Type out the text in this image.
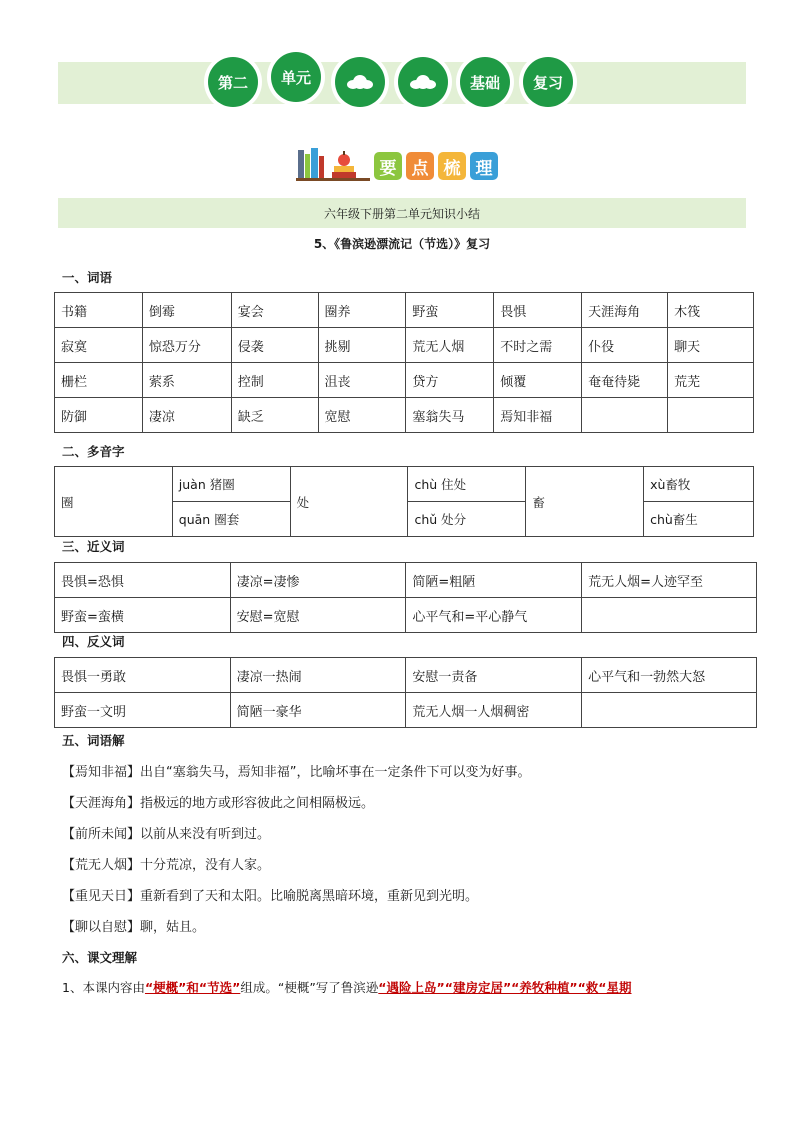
第二	单元	基础	复习
要 点 梳 理
六年级下册第二单元知识小结
5、《鲁滨逊漂流记（节选）》复习
一、词语
书籍	倒霉	宴会	圈养	野蛮	畏惧	天涯海角	木筏
寂寞	惊恐万分	侵袭	挑剔	荒无人烟	不时之需	仆役	聊天
栅栏	萦系	控制	沮丧	贷方	倾覆	奄奄待毙	荒芜
防御	凄凉	缺乏	宽慰	塞翁失马	焉知非福		
二、多音字
圈	juàn 猪圈	处	chù 住处	畜	xù畜牧
	quān 圈套		chǔ 处分		chù畜生
三、近义词
畏惧=恐惧	凄凉=凄惨	简陋=粗陋	荒无人烟=人迹罕至
野蛮=蛮横	安慰=宽慰	心平气和=平心静气	
四、反义词
畏惧一勇敢	凄凉一热闹	安慰一责备	心平气和一勃然大怒
野蛮一文明	简陋一豪华	荒无人烟一人烟稠密	
五、词语解
【焉知非福】出自“塞翁失马，焉知非福”，比喻坏事在一定条件下可以变为好事。
【天涯海角】指极远的地方或形容彼此之间相隔极远。
【前所未闻】以前从来没有听到过。
【荒无人烟】十分荒凉，没有人家。
【重见天日】重新看到了天和太阳。比喻脱离黑暗环境，重新见到光明。
【聊以自慰】聊，姑且。
六、课文理解
1、本课内容由“梗概”和“节选”组成。“梗概”写了鲁滨逊“遇险上岛”“建房定居”“养牧种植”“救“星期
